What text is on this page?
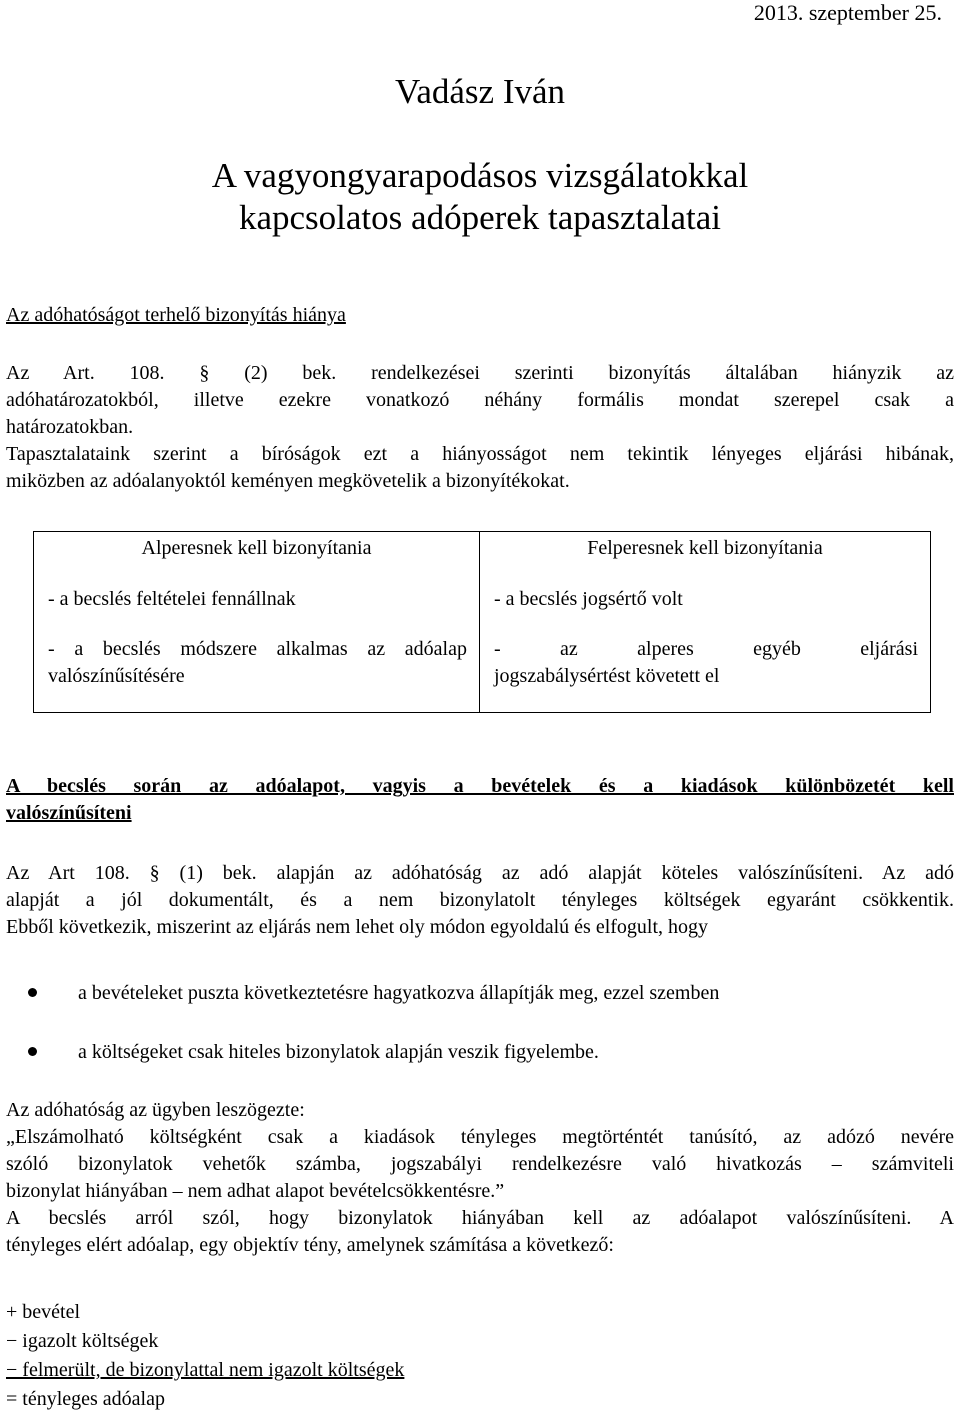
2013. szeptember 25.
Vadász Iván
A vagyongyarapodásos vizsgálatokkal
kapcsolatos adóperek tapasztalatai
Az adóhatóságot terhelő bizonyítás hiánya
Az Art. 108. § (2) bek. rendelkezései szerinti bizonyítás általában hiányzik az
adóhatározatokból, illetve ezekre vonatkozó néhány formális mondat szerepel csak a
határozatokban.
Tapasztalataink szerint a bíróságok ezt a hiányosságot nem tekintik lényeges eljárási hibának,
miközben az adóalanyoktól keményen megkövetelik a bizonyítékokat.
Alperesnek kell bizonyítania
- a becslés feltételei fennállnak
- a becslés módszere alkalmas az adóalap
valószínűsítésére
Felperesnek kell bizonyítania
- a becslés jogsértő volt
- az alperes egyéb eljárási
jogszabálysértést követett el
A becslés során az adóalapot, vagyis a bevételek és a kiadások különbözetét kell
valószínűsíteni
Az Art 108. § (1) bek. alapján az adóhatóság az adó alapját köteles valószínűsíteni. Az adó
alapját a jól dokumentált, és a nem bizonylatolt tényleges költségek egyaránt csökkentik.
Ebből következik, miszerint az eljárás nem lehet oly módon egyoldalú és elfogult, hogy
a bevételeket puszta következtetésre hagyatkozva állapítják meg, ezzel szemben
a költségeket csak hiteles bizonylatok alapján veszik figyelembe.
Az adóhatóság az ügyben leszögezte:
„Elszámolható költségként csak a kiadások tényleges megtörténtét tanúsító, az adózó nevére
szóló bizonylatok vehetők számba, jogszabályi rendelkezésre való hivatkozás – számviteli
bizonylat hiányában – nem adhat alapot bevételcsökkentésre.”
A becslés arról szól, hogy bizonylatok hiányában kell az adóalapot valószínűsíteni. A
tényleges elért adóalap, egy objektív tény, amelynek számítása a következő:
+ bevétel
− igazolt költségek
− felmerült, de bizonylattal nem igazolt költségek
= tényleges adóalap
